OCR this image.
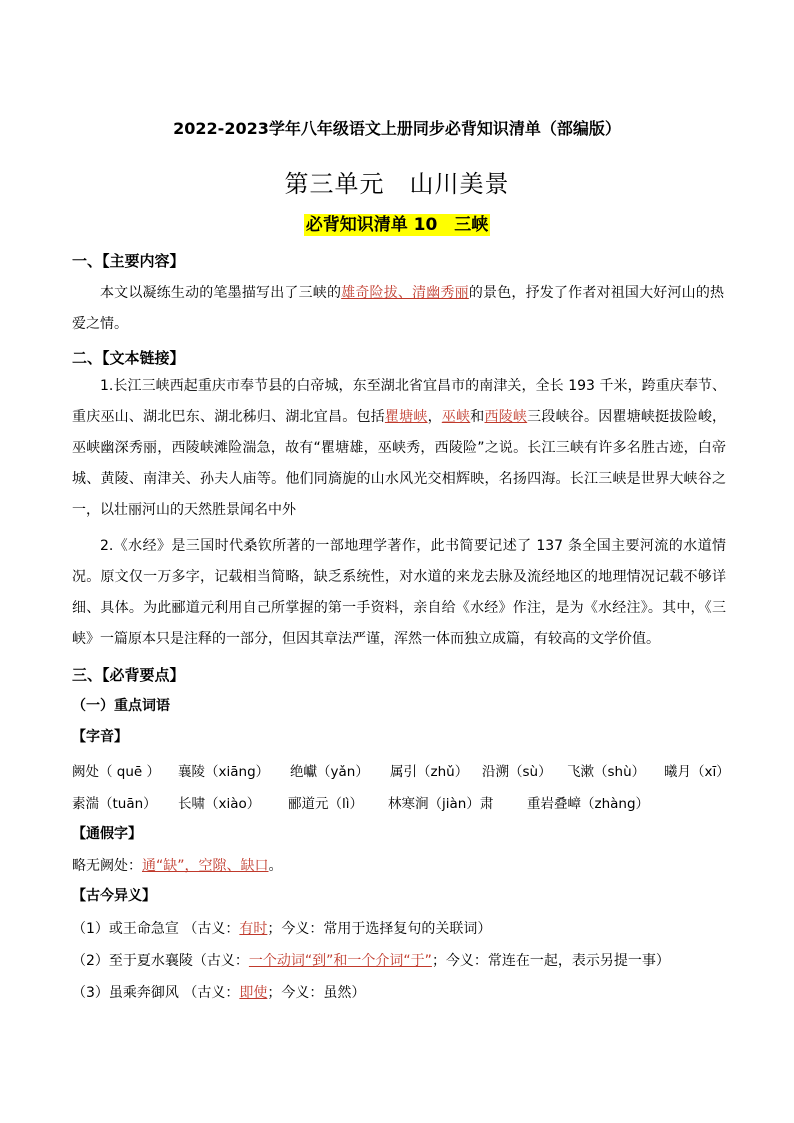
2022-2023学年八年级语文上册同步必背知识清单（部编版）
第三单元　山川美景
必背知识清单 10　三峡
一、【主要内容】
本文以凝练生动的笔墨描写出了三峡的雄奇险拔、清幽秀丽的景色，抒发了作者对祖国大好河山的热爱之情。
二、【文本链接】
1.长江三峡西起重庆市奉节县的白帝城，东至湖北省宜昌市的南津关，全长 193 千米，跨重庆奉节、重庆巫山、湖北巴东、湖北秭归、湖北宜昌。包括瞿塘峡，巫峡和西陵峡三段峡谷。因瞿塘峡挺拔险峻，巫峡幽深秀丽，西陵峡滩险湍急，故有“瞿塘雄，巫峡秀，西陵险”之说。长江三峡有许多名胜古迹，白帝城、黄陵、南津关、孙夫人庙等。他们同旖旎的山水风光交相辉映，名扬四海。长江三峡是世界大峡谷之一，以壮丽河山的天然胜景闻名中外
2.《水经》是三国时代桑钦所著的一部地理学著作，此书简要记述了 137 条全国主要河流的水道情况。原文仅一万多字，记载相当简略，缺乏系统性，对水道的来龙去脉及流经地区的地理情况记载不够详细、具体。为此郦道元利用自己所掌握的第一手资料，亲自给《水经》作注，是为《水经注》。其中，《三峡》一篇原本只是注释的一部分，但因其章法严谨，浑然一体而独立成篇，有较高的文学价值。
三、【必背要点】
（一）重点词语
【字音】
阙处（ quē ） 襄陵（xiāng） 绝巘（yǎn） 属引（zhǔ） 沿溯（sù） 飞漱（shù） 曦月（xī）
素湍（tuān） 长啸（xiào） 郦道元（lì） 林寒涧（jiàn）肃 重岩叠嶂（zhàng）
【通假字】
略无阙处：通“缺”，空隙、缺口。
【古今异义】
（1）或王命急宣 （古义：有时；今义：常用于选择复句的关联词）
（2）至于夏水襄陵（古义：一个动词“到”和一个介词“于”；今义：常连在一起，表示另提一事）
（3）虽乘奔御风 （古义：即使；今义：虽然）
